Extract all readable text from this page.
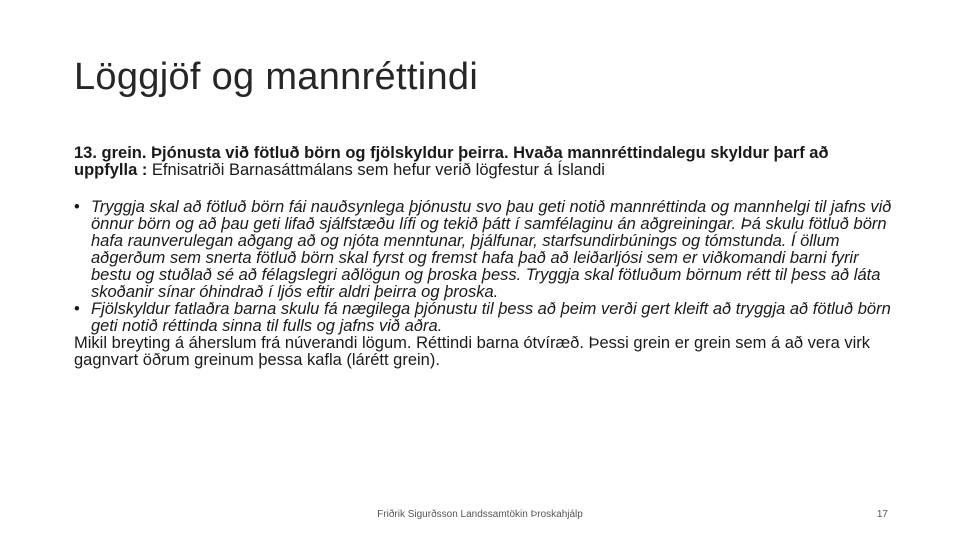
Löggjöf og mannréttindi

13. grein. Þjónusta við fötluð börn og fjölskyldur þeirra. Hvaða mannréttindalegu skyldur þarf að uppfylla : Efnisatriði Barnasáttmálans sem hefur verið lögfestur á Íslandi

• Tryggja skal að fötluð börn fái nauðsynlega þjónustu svo þau geti notið mannréttinda og mannhelgi til jafns við önnur börn og að þau geti lifað sjálfstæðu lífi og tekið þátt í samfélaginu án aðgreiningar. Þá skulu fötluð börn hafa raunverulegan aðgang að og njóta menntunar, þjálfunar, starfsundirbúnings og tómstunda. Í öllum aðgerðum sem snerta fötluð börn skal fyrst og fremst hafa það að leiðarljósi sem er viðkomandi barni fyrir bestu og stuðlað sé að félagslegri aðlögun og þroska þess. Tryggja skal fötluðum börnum rétt til þess að láta skoðanir sínar óhindrað í ljós eftir aldri þeirra og þroska.
• Fjölskyldur fatlaðra barna skulu fá nægilega þjónustu til þess að þeim verði gert kleift að tryggja að fötluð börn geti notið réttinda sinna til fulls og jafns við aðra.

Mikil breyting á áherslum frá núverandi lögum. Réttindi barna ótvíræð. Þessi grein er grein sem á að vera virk gagnvart öðrum greinum þessa kafla (lárétt grein).

Friðrik Sigurðsson Landssamtökin Þroskahjálp	17
